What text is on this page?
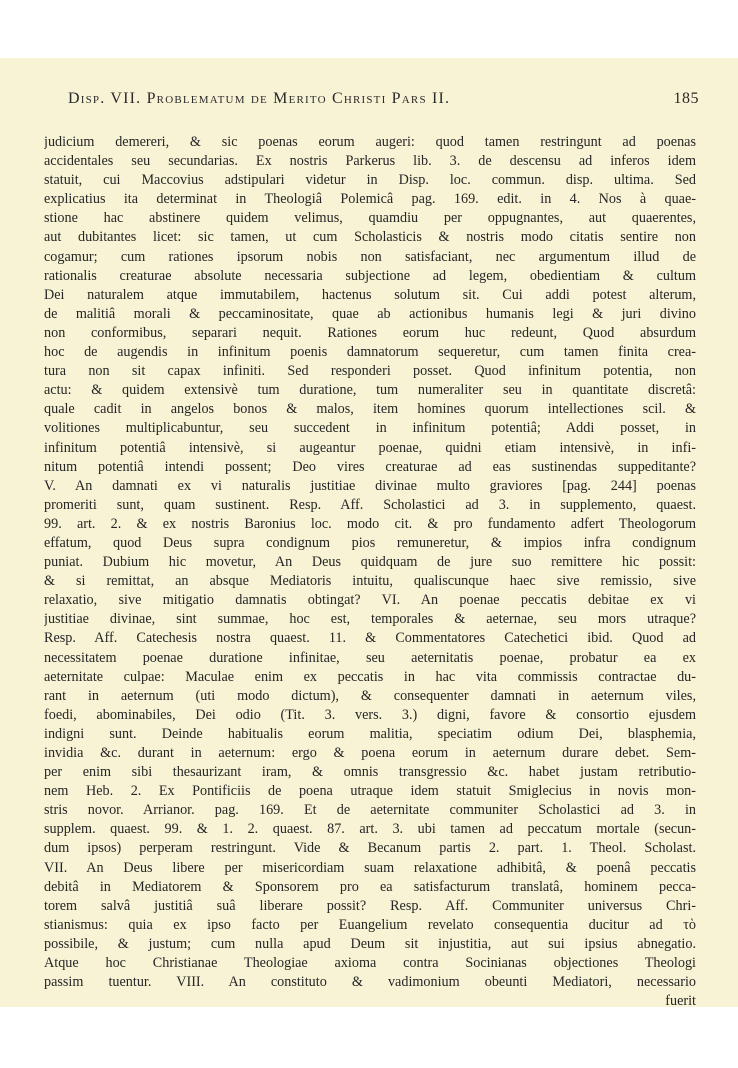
Disp. VII. Problematum de Merito Christi Pars II.	185
judicium demereri, & sic poenas eorum augeri: quod tamen restringunt ad poenas
accidentales seu secundarias. Ex nostris Parkerus lib. 3. de descensu ad inferos idem
statuit, cui Maccovius adstipulari videtur in Disp. loc. commun. disp. ultima. Sed
explicatius ita determinat in Theologiâ Polemicâ pag. 169. edit. in 4. Nos à quae-
stione hac abstinere quidem velimus, quamdiu per oppugnantes, aut quaerentes,
aut dubitantes licet: sic tamen, ut cum Scholasticis & nostris modo citatis sentire non
cogamur; cum rationes ipsorum nobis non satisfaciant, nec argumentum illud de
rationalis creaturae absolute necessaria subjectione ad legem, obedientiam & cultum
Dei naturalem atque immutabilem, hactenus solutum sit. Cui addi potest alterum,
de malitiâ morali & peccaminositate, quae ab actionibus humanis legi & juri divino
non conformibus, separari nequit. Rationes eorum huc redeunt, Quod absurdum
hoc de augendis in infinitum poenis damnatorum sequeretur, cum tamen finita crea-
tura non sit capax infiniti. Sed responderi posset. Quod infinitum potentia, non
actu: & quidem extensivè tum duratione, tum numeraliter seu in quantitate discretâ:
quale cadit in angelos bonos & malos, item homines quorum intellectiones scil. &
volitiones multiplicabuntur, seu succedent in infinitum potentiâ; Addi posset, in
infinitum potentiâ intensivè, si augeantur poenae, quidni etiam intensivè, in infi-
nitum potentiâ intendi possent; Deo vires creaturae ad eas sustinendas suppeditante?
V. An damnati ex vi naturalis justitiae divinae multo graviores [pag. 244] poenas
promeriti sunt, quam sustinent. Resp. Aff. Scholastici ad 3. in supplemento, quaest.
99. art. 2. & ex nostris Baronius loc. modo cit. & pro fundamento adfert Theologorum
effatum, quod Deus supra condignum pios remuneretur, & impios infra condignum
puniat. Dubium hic movetur, An Deus quidquam de jure suo remittere hic possit:
& si remittat, an absque Mediatoris intuitu, qualiscunque haec sive remissio, sive
relaxatio, sive mitigatio damnatis obtingat? VI. An poenae peccatis debitae ex vi
justitiae divinae, sint summae, hoc est, temporales & aeternae, seu mors utraque?
Resp. Aff. Catechesis nostra quaest. 11. & Commentatores Catechetici ibid. Quod ad
necessitatem poenae duratione infinitae, seu aeternitatis poenae, probatur ea ex
aeternitate culpae: Maculae enim ex peccatis in hac vita commissis contractae du-
rant in aeternum (uti modo dictum), & consequenter damnati in aeternum viles,
foedi, abominabiles, Dei odio (Tit. 3. vers. 3.) digni, favore & consortio ejusdem
indigni sunt. Deinde habitualis eorum malitia, speciatim odium Dei, blasphemia,
invidia &c. durant in aeternum: ergo & poena eorum in aeternum durare debet. Sem-
per enim sibi thesaurizant iram, & omnis transgressio &c. habet justam retributio-
nem Heb. 2. Ex Pontificiis de poena utraque idem statuit Smiglecius in novis mon-
stris novor. Arrianor. pag. 169. Et de aeternitate communiter Scholastici ad 3. in
supplem. quaest. 99. & 1. 2. quaest. 87. art. 3. ubi tamen ad peccatum mortale (secun-
dum ipsos) perperam restringunt. Vide & Becanum partis 2. part. 1. Theol. Scholast.
VII. An Deus libere per misericordiam suam relaxatione adhibitâ, & poenâ peccatis
debitâ in Mediatorem & Sponsorem pro ea satisfacturum translatâ, hominem pecca-
torem salvâ justitiâ suâ liberare possit? Resp. Aff. Communiter universus Chri-
stianismus: quia ex ipso facto per Euangelium revelato consequentia ducitur ad τὸ
possibile, & justum; cum nulla apud Deum sit injustitia, aut sui ipsius abnegatio.
Atque hoc Christianae Theologiae axioma contra Socinianas objectiones Theologi
passim tuentur. VIII. An constituto & vadimonium obeunti Mediatori, necessario
fuerit
